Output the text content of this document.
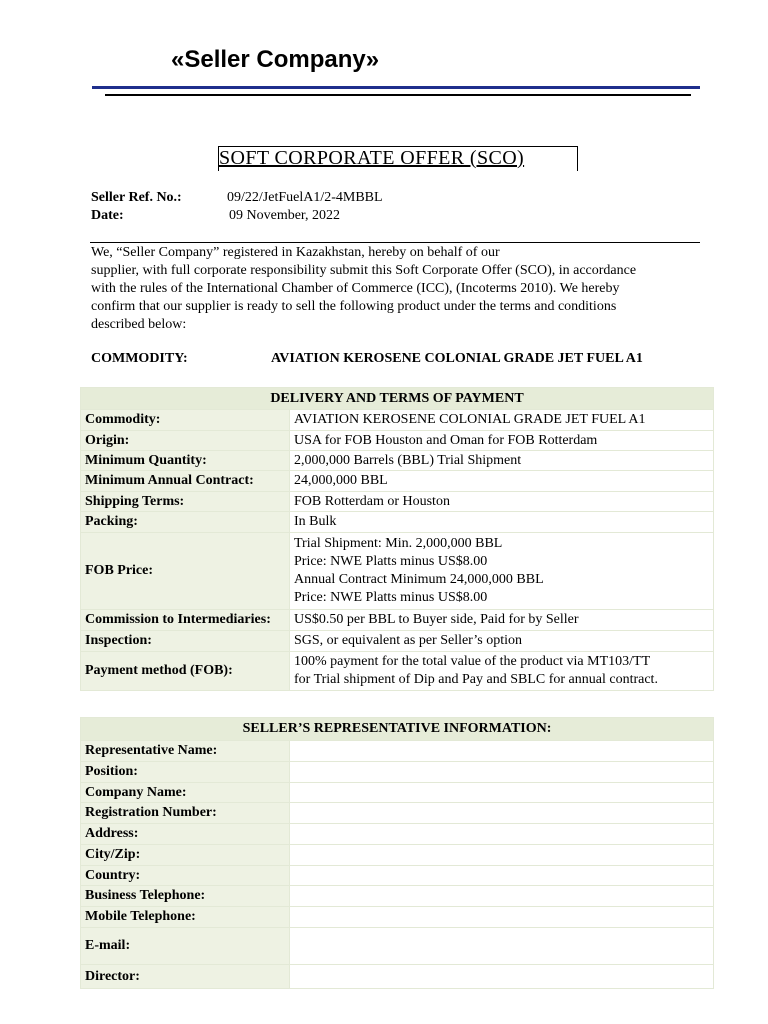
«Seller Company»
SOFT CORPORATE OFFER (SCO)
Seller Ref. No.:	09/22/JetFuelA1/2-4MBBL
Date:	09 November, 2022
We, “Seller Company” registered in Kazakhstan, hereby on behalf of our
supplier, with full corporate responsibility submit this Soft Corporate Offer (SCO), in accordance
with the rules of the International Chamber of Commerce (ICC), (Incoterms 2010). We hereby
confirm that our supplier is ready to sell the following product under the terms and conditions
described below:
COMMODITY:	AVIATION KEROSENE COLONIAL GRADE JET FUEL A1
DELIVERY AND TERMS OF PAYMENT	
Commodity:	AVIATION KEROSENE COLONIAL GRADE JET FUEL A1
Origin:	USA for FOB Houston and Oman for FOB Rotterdam
Minimum Quantity:	2,000,000 Barrels (BBL) Trial Shipment
Minimum Annual Contract:	24,000,000 BBL
Shipping Terms:	FOB Rotterdam or Houston
Packing:	In Bulk
FOB Price:	Trial Shipment: Min. 2,000,000 BBL
Price: NWE Platts minus US$8.00
Annual Contract Minimum 24,000,000 BBL
Price: NWE Platts minus US$8.00

Commission to Intermediaries:	US$0.50 per BBL to Buyer side, Paid for by Seller
Inspection:	SGS, or equivalent as per Seller’s option
Payment method (FOB):	100% payment for the total value of the product via MT103/TT
for Trial shipment of Dip and Pay and SBLC for annual contract.
SELLER’S REPRESENTATIVE INFORMATION:	
Representative Name:	
Position:	
Company Name:	
Registration Number:	
Address:	
City/Zip:	
Country:	
Business Telephone:	
Mobile Telephone:	
E-mail:	
Director:	
